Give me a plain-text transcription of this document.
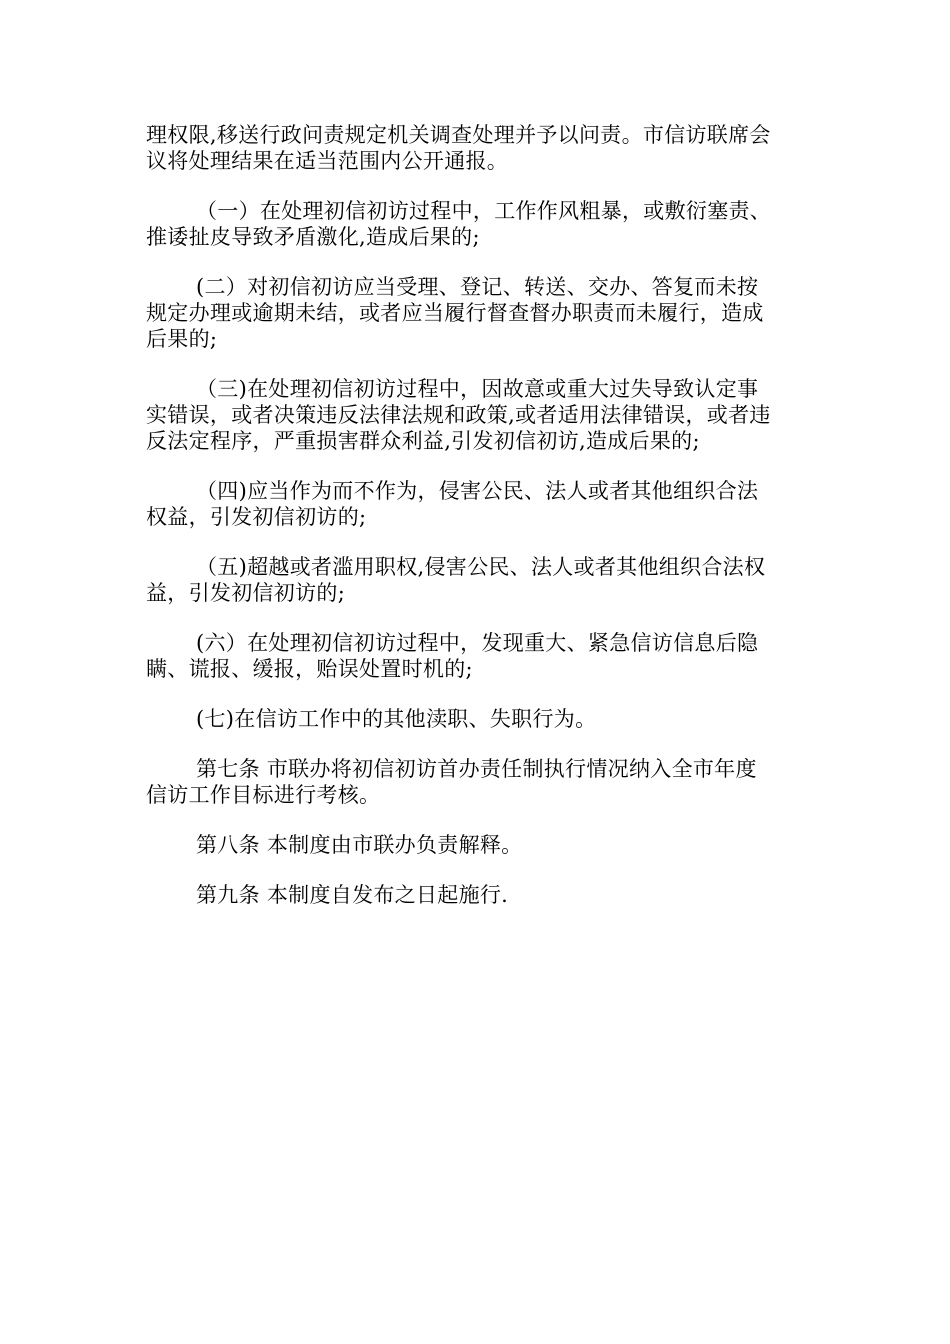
理权限,移送行政问责规定机关调查处理并予以问责。市信访联席会
议将处理结果在适当范围内公开通报。

（一）在处理初信初访过程中，工作作风粗暴，或敷衍塞责、
推诿扯皮导致矛盾激化,造成后果的;

(二）对初信初访应当受理、登记、转送、交办、答复而未按
规定办理或逾期未结，或者应当履行督查督办职责而未履行，造成
后果的;

（三)在处理初信初访过程中，因故意或重大过失导致认定事
实错误，或者决策违反法律法规和政策,或者适用法律错误，或者违
反法定程序，严重损害群众利益,引发初信初访,造成后果的;

（四)应当作为而不作为，侵害公民、法人或者其他组织合法
权益，引发初信初访的;

（五)超越或者滥用职权,侵害公民、法人或者其他组织合法权
益，引发初信初访的;

(六）在处理初信初访过程中，发现重大、紧急信访信息后隐
瞒、谎报、缓报，贻误处置时机的;

(七)在信访工作中的其他渎职、失职行为。

第七条 市联办将初信初访首办责任制执行情况纳入全市年度
信访工作目标进行考核。

第八条 本制度由市联办负责解释。

第九条 本制度自发布之日起施行.
